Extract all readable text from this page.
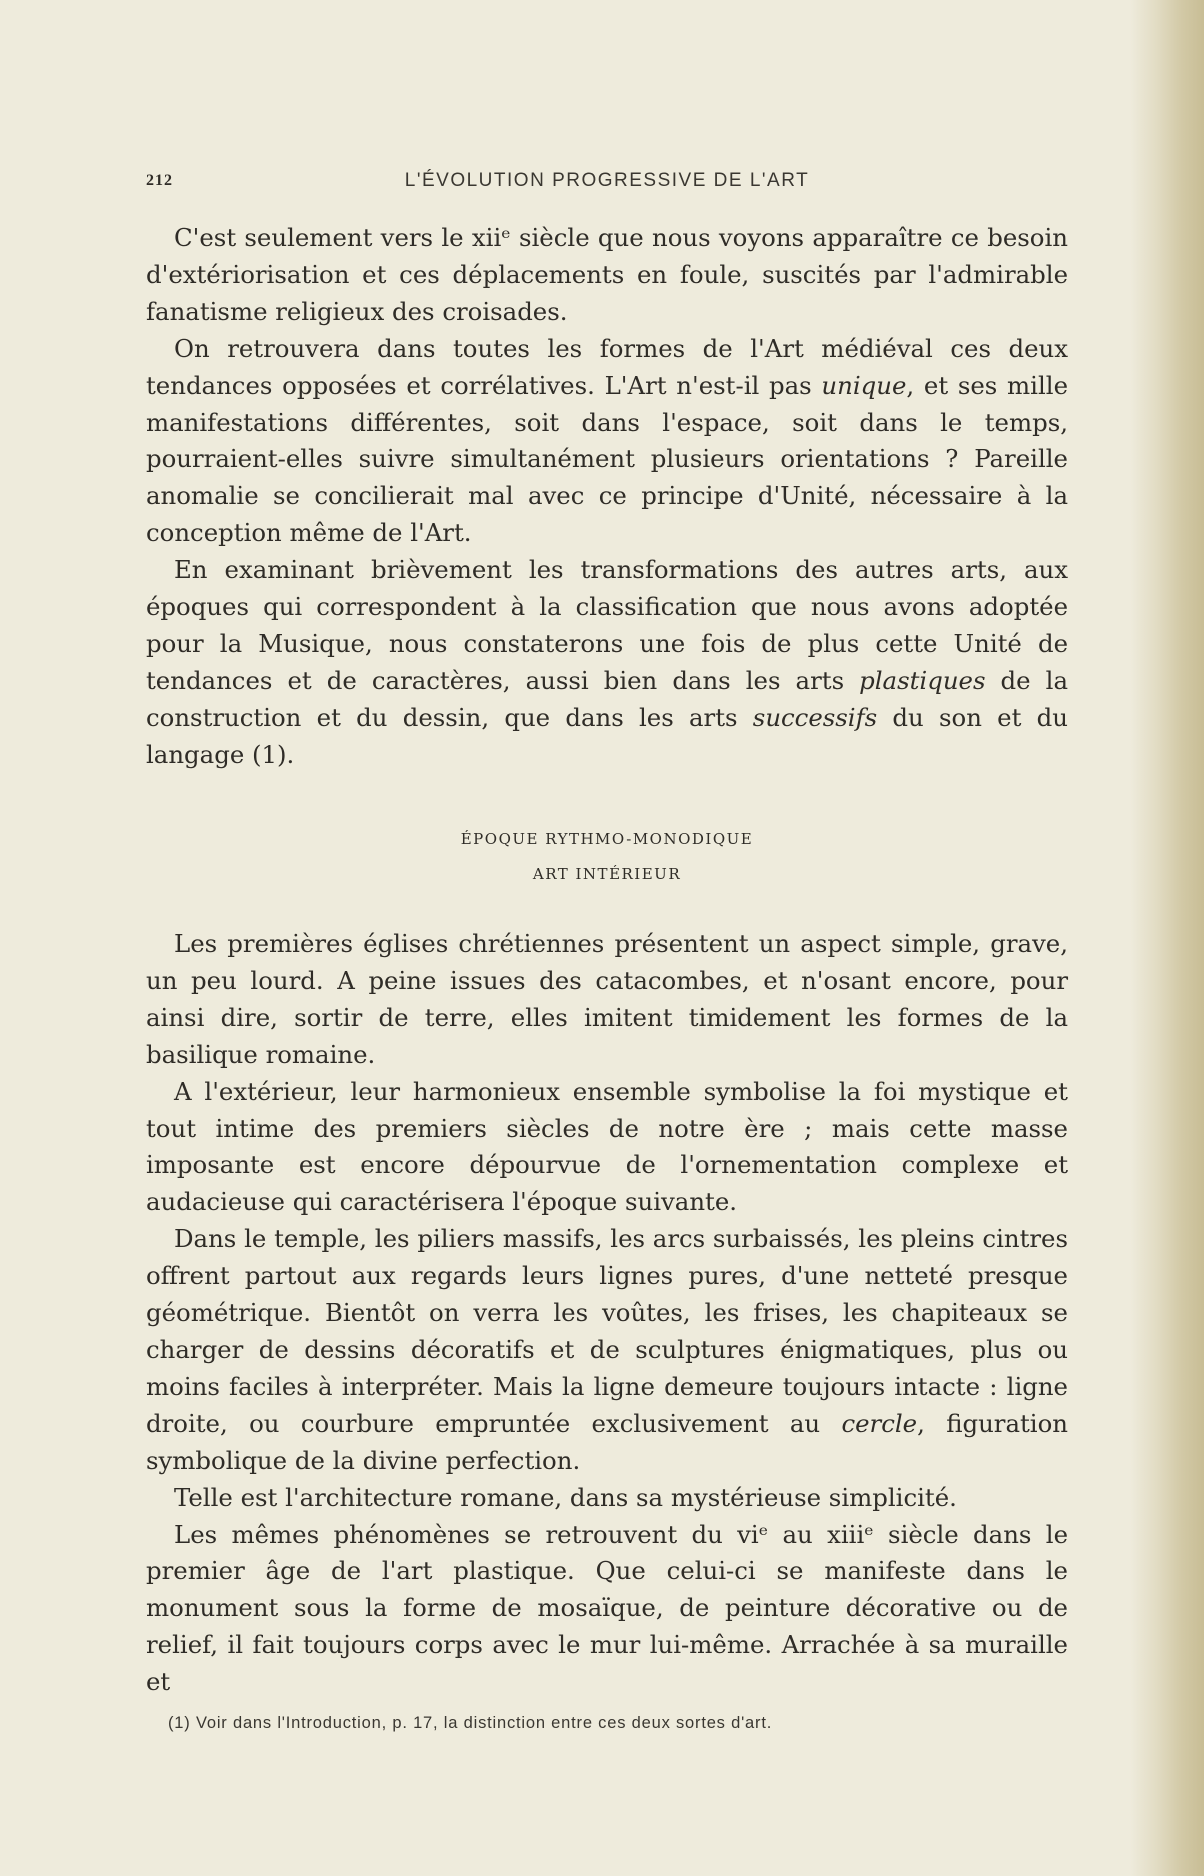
212	L'ÉVOLUTION PROGRESSIVE DE L'ART

C'est seulement vers le xiiᵉ siècle que nous voyons apparaître ce besoin d'extériorisation et ces déplacements en foule, suscités par l'admirable fanatisme religieux des croisades.

On retrouvera dans toutes les formes de l'Art médiéval ces deux tendances opposées et corrélatives. L'Art n'est-il pas unique, et ses mille manifestations différentes, soit dans l'espace, soit dans le temps, pourraient-elles suivre simultanément plusieurs orientations ? Pareille anomalie se concilierait mal avec ce principe d'Unité, nécessaire à la conception même de l'Art.

En examinant brièvement les transformations des autres arts, aux époques qui correspondent à la classification que nous avons adoptée pour la Musique, nous constaterons une fois de plus cette Unité de tendances et de caractères, aussi bien dans les arts plastiques de la construction et du dessin, que dans les arts successifs du son et du langage (1).

ÉPOQUE RYTHMO-MONODIQUE
ART INTÉRIEUR

Les premières églises chrétiennes présentent un aspect simple, grave, un peu lourd. A peine issues des catacombes, et n'osant encore, pour ainsi dire, sortir de terre, elles imitent timidement les formes de la basilique romaine.

A l'extérieur, leur harmonieux ensemble symbolise la foi mystique et tout intime des premiers siècles de notre ère ; mais cette masse imposante est encore dépourvue de l'ornementation complexe et audacieuse qui caractérisera l'époque suivante.

Dans le temple, les piliers massifs, les arcs surbaissés, les pleins cintres offrent partout aux regards leurs lignes pures, d'une netteté presque géométrique. Bientôt on verra les voûtes, les frises, les chapiteaux se charger de dessins décoratifs et de sculptures énigmatiques, plus ou moins faciles à interpréter. Mais la ligne demeure toujours intacte : ligne droite, ou courbure empruntée exclusivement au cercle, figuration symbolique de la divine perfection.

Telle est l'architecture romane, dans sa mystérieuse simplicité.

Les mêmes phénomènes se retrouvent du viᵉ au xiiiᵉ siècle dans le premier âge de l'art plastique. Que celui-ci se manifeste dans le monument sous la forme de mosaïque, de peinture décorative ou de relief, il fait toujours corps avec le mur lui-même. Arrachée à sa muraille et

(1) Voir dans l'Introduction, p. 17, la distinction entre ces deux sortes d'art.
